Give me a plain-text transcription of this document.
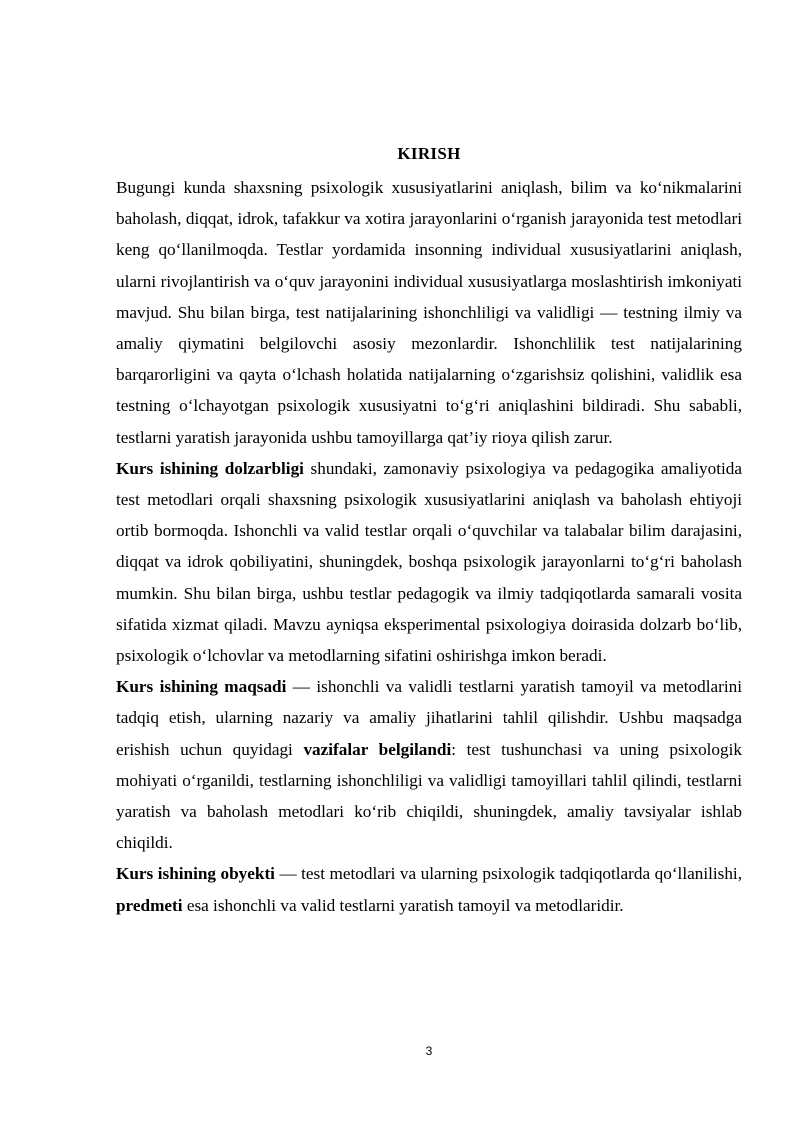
KIRISH

Bugungi kunda shaxsning psixologik xususiyatlarini aniqlash, bilim va ko‘nikmalarini baholash, diqqat, idrok, tafakkur va xotira jarayonlarini o‘rganish jarayonida test metodlari keng qo‘llanilmoqda. Testlar yordamida insonning individual xususiyatlarini aniqlash, ularni rivojlantirish va o‘quv jarayonini individual xususiyatlarga moslashtirish imkoniyati mavjud. Shu bilan birga, test natijalarining ishonchliligi va validligi — testning ilmiy va amaliy qiymatini belgilovchi asosiy mezonlardir. Ishonchlilik test natijalarining barqarorligini va qayta o‘lchash holatida natijalarning o‘zgarishsiz qolishini, validlik esa testning o‘lchayotgan psixologik xususiyatni to‘g‘ri aniqlashini bildiradi. Shu sababli, testlarni yaratish jarayonida ushbu tamoyillarga qat’iy rioya qilish zarur.

Kurs ishining dolzarbligi shundaki, zamonaviy psixologiya va pedagogika amaliyotida test metodlari orqali shaxsning psixologik xususiyatlarini aniqlash va baholash ehtiyoji ortib bormoqda. Ishonchli va valid testlar orqali o‘quvchilar va talabalar bilim darajasini, diqqat va idrok qobiliyatini, shuningdek, boshqa psixologik jarayonlarni to‘g‘ri baholash mumkin. Shu bilan birga, ushbu testlar pedagogik va ilmiy tadqiqotlarda samarali vosita sifatida xizmat qiladi. Mavzu ayniqsa eksperimental psixologiya doirasida dolzarb bo‘lib, psixologik o‘lchovlar va metodlarning sifatini oshirishga imkon beradi.

Kurs ishining maqsadi — ishonchli va validli testlarni yaratish tamoyil va metodlarini tadqiq etish, ularning nazariy va amaliy jihatlarini tahlil qilishdir. Ushbu maqsadga erishish uchun quyidagi vazifalar belgilandi: test tushunchasi va uning psixologik mohiyati o‘rganildi, testlarning ishonchliligi va validligi tamoyillari tahlil qilindi, testlarni yaratish va baholash metodlari ko‘rib chiqildi, shuningdek, amaliy tavsiyalar ishlab chiqildi.

Kurs ishining obyekti — test metodlari va ularning psixologik tadqiqotlarda qo‘llanilishi, predmeti esa ishonchli va valid testlarni yaratish tamoyil va metodlaridir.

3
